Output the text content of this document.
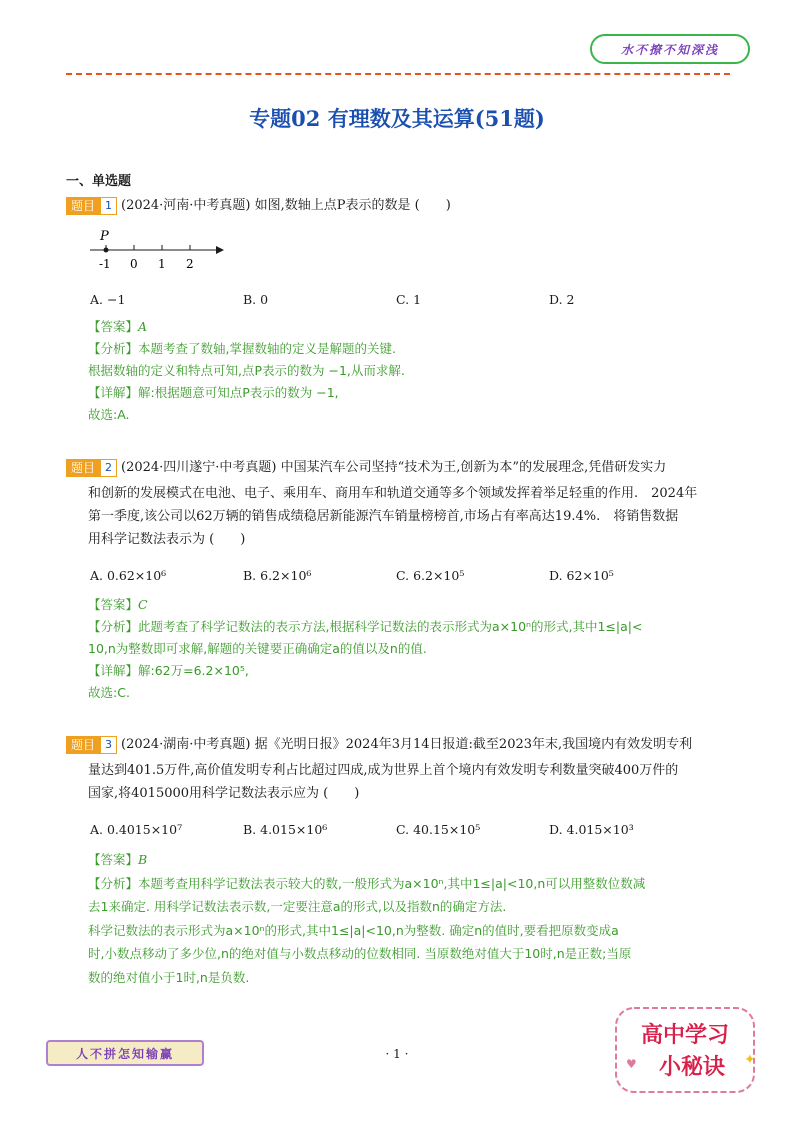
水不撩不知深浅
专题02 有理数及其运算(51题)
一、单选题
题目 1 (2024·河南·中考真题) 如图,数轴上点P表示的数是 (　　)
P
-1 0 1 2
A. −1	B. 0	C. 1	D. 2
【答案】A
【分析】本题考查了数轴,掌握数轴的定义是解题的关键.
根据数轴的定义和特点可知,点P表示的数为 −1,从而求解.
【详解】解:根据题意可知点P表示的数为 −1,
故选:A.
题目 2 (2024·四川遂宁·中考真题) 中国某汽车公司坚持“技术为王,创新为本”的发展理念,凭借研发实力
和创新的发展模式在电池、电子、乘用车、商用车和轨道交通等多个领域发挥着举足轻重的作用.　2024年
第一季度,该公司以62万辆的销售成绩稳居新能源汽车销量榜榜首,市场占有率高达19.4%.　将销售数据
用科学记数法表示为 (　　)
A. 0.62×10⁶	B. 6.2×10⁶	C. 6.2×10⁵	D. 62×10⁵
【答案】C
【分析】此题考查了科学记数法的表示方法,根据科学记数法的表示形式为a×10ⁿ的形式,其中1≤|a|<
10,n为整数即可求解,解题的关键要正确确定a的值以及n的值.
【详解】解:62万=6.2×10⁵,
故选:C.
题目 3 (2024·湖南·中考真题) 据《光明日报》2024年3月14日报道:截至2023年末,我国境内有效发明专利
量达到401.5万件,高价值发明专利占比超过四成,成为世界上首个境内有效发明专利数量突破400万件的
国家,将4015000用科学记数法表示应为 (　　)
A. 0.4015×10⁷	B. 4.015×10⁶	C. 40.15×10⁵	D. 4.015×10³
【答案】B
【分析】本题考查用科学记数法表示较大的数,一般形式为a×10ⁿ,其中1≤|a|<10,n可以用整数位数减
去1来确定. 用科学记数法表示数,一定要注意a的形式,以及指数n的确定方法.
科学记数法的表示形式为a×10ⁿ的形式,其中1≤|a|<10,n为整数. 确定n的值时,要看把原数变成a
时,小数点移动了多少位,n的绝对值与小数点移动的位数相同. 当原数绝对值大于10时,n是正数;当原
数的绝对值小于1时,n是负数.
人不拼怎知输赢	· 1 ·
高中学习
小秘诀 ✦
♥
